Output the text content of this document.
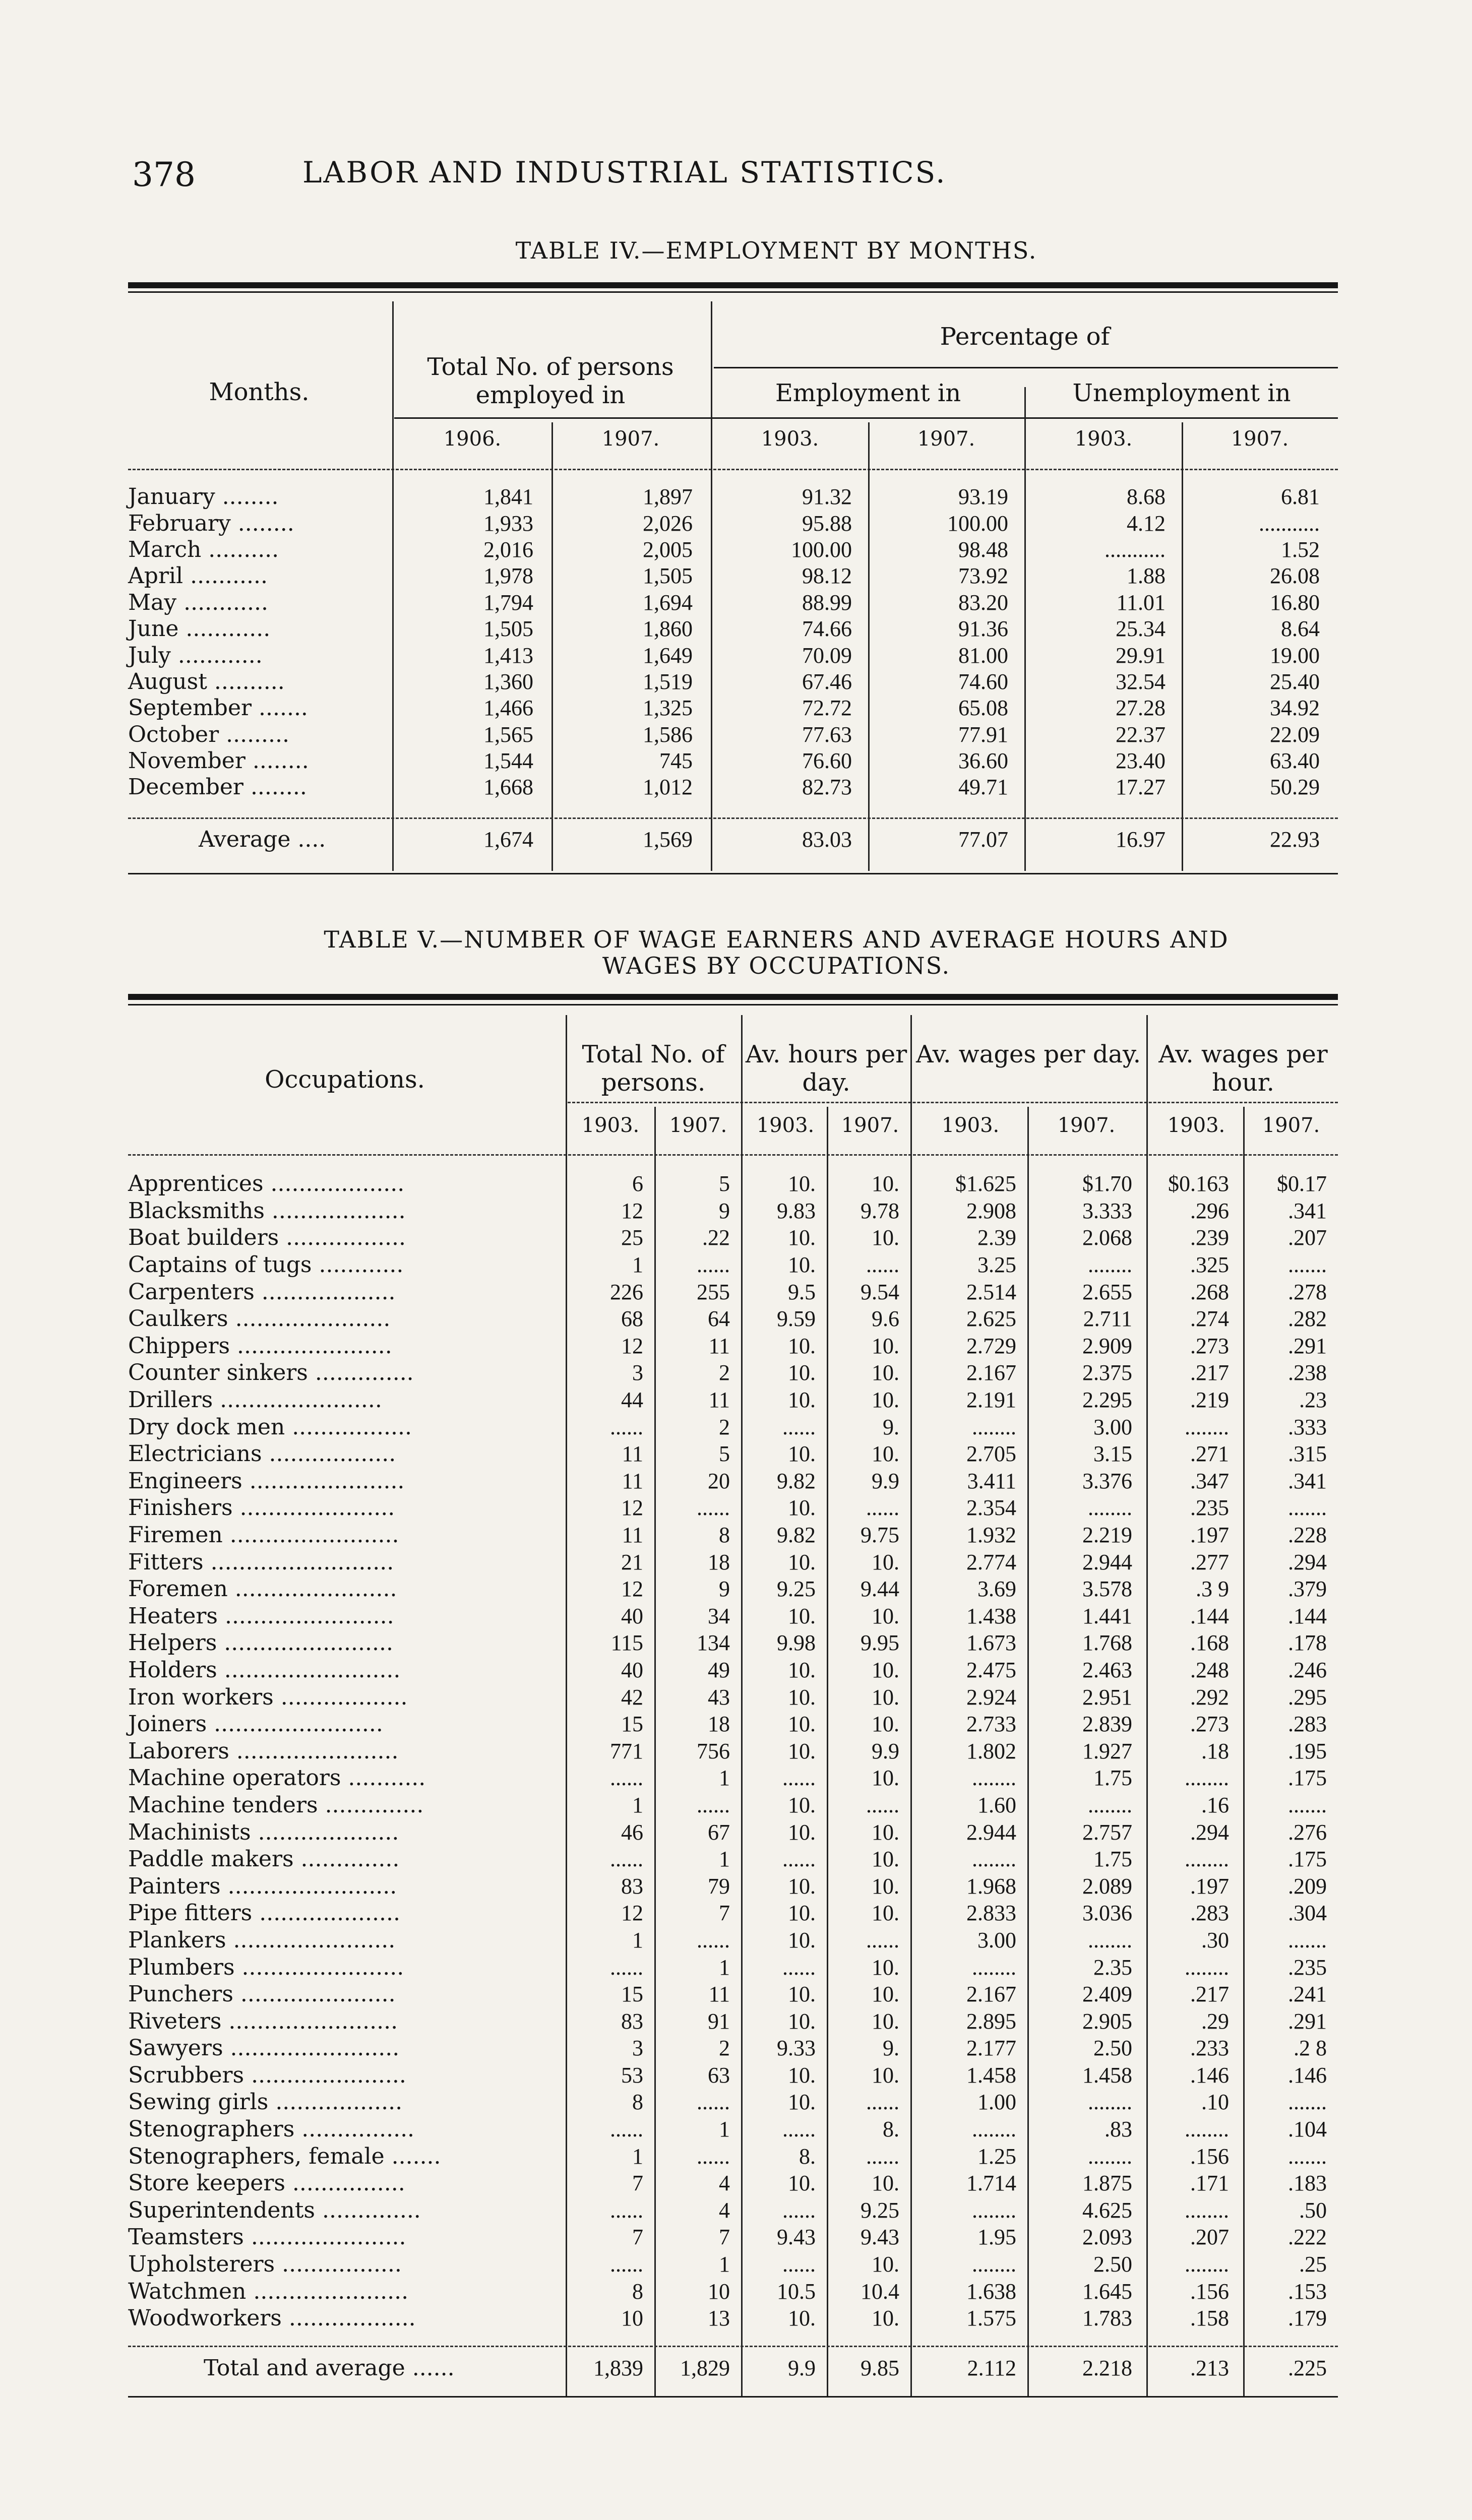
378	LABOR AND INDUSTRIAL STATISTICS.
TABLE IV.—EMPLOYMENT BY MONTHS.
Months.
Total No. of persons employed in
Percentage of
Employment in	Unemployment in
1906.	1907.	1903.	1907.	1903.	1907.
January ........	1,841	1,897	91.32	93.19	8.68	6.81
February ........	1,933	2,026	95.88	100.00	4.12	...........
March ..........	2,016	2,005	100.00	98.48	...........	1.52
April ...........	1,978	1,505	98.12	73.92	1.88	26.08
May ............	1,794	1,694	88.99	83.20	11.01	16.80
June ............	1,505	1,860	74.66	91.36	25.34	8.64
July ............	1,413	1,649	70.09	81.00	29.91	19.00
August ..........	1,360	1,519	67.46	74.60	32.54	25.40
September .......	1,466	1,325	72.72	65.08	27.28	34.92
October .........	1,565	1,586	77.63	77.91	22.37	22.09
November ........	1,544	745	76.60	36.60	23.40	63.40
December ........	1,668	1,012	82.73	49.71	17.27	50.29
Average ....	1,674	1,569	83.03	77.07	16.97	22.93
TABLE V.—NUMBER OF WAGE EARNERS AND AVERAGE HOURS AND
WAGES BY OCCUPATIONS.
Occupations.
Total No. of persons.
Av. hours per day.
Av. wages per day. Av. wages per hour.
1903.	1907.	1903.	1907.	1903.	1907.	1903.	1907.
Apprentices ...................	6	5	10.	10.	$1.625	$1.70	$0.163	$0.17
Blacksmiths ...................	12	9	9.83	9.78	2.908	3.333	.296	.341
Boat builders .................	25	.22	10.	10.	2.39	2.068	.239	.207
Captains of tugs ............	1	......	10.	......	3.25	........	.325	.......
Carpenters ...................	226	255	9.5	9.54	2.514	2.655	.268	.278
Caulkers ......................	68	64	9.59	9.6	2.625	2.711	.274	.282
Chippers ......................	12	11	10.	10.	2.729	2.909	.273	.291
Counter sinkers ..............	3	2	10.	10.	2.167	2.375	.217	.238
Drillers .......................	44	11	10.	10.	2.191	2.295	.219	.23
Dry dock men .................	......	2	......	9.	........	3.00	........	.333
Electricians ..................	11	5	10.	10.	2.705	3.15	.271	.315
Engineers ......................	11	20	9.82	9.9	3.411	3.376	.347	.341
Finishers ......................	12	......	10.	......	2.354	........	.235	.......
Firemen ........................	11	8	9.82	9.75	1.932	2.219	.197	.228
Fitters ..........................	21	18	10.	10.	2.774	2.944	.277	.294
Foremen .......................	12	9	9.25	9.44	3.69	3.578	.3 9	.379
Heaters ........................	40	34	10.	10.	1.438	1.441	.144	.144
Helpers ........................	115	134	9.98	9.95	1.673	1.768	.168	.178
Holders .........................	40	49	10.	10.	2.475	2.463	.248	.246
Iron workers ..................	42	43	10.	10.	2.924	2.951	.292	.295
Joiners ........................	15	18	10.	10.	2.733	2.839	.273	.283
Laborers .......................	771	756	10.	9.9	1.802	1.927	.18	.195
Machine operators ...........	......	1	......	10.	........	1.75	........	.175
Machine tenders ..............	1	......	10.	......	1.60	........	.16	.......
Machinists ....................	46	67	10.	10.	2.944	2.757	.294	.276
Paddle makers ..............	......	1	......	10.	........	1.75	........	.175
Painters ........................	83	79	10.	10.	1.968	2.089	.197	.209
Pipe fitters ....................	12	7	10.	10.	2.833	3.036	.283	.304
Plankers .......................	1	......	10.	......	3.00	........	.30	.......
Plumbers .......................	......	1	......	10.	........	2.35	........	.235
Punchers ......................	15	11	10.	10.	2.167	2.409	.217	.241
Riveters ........................	83	91	10.	10.	2.895	2.905	.29	.291
Sawyers ........................	3	2	9.33	9.	2.177	2.50	.233	.2 8
Scrubbers ......................	53	63	10.	10.	1.458	1.458	.146	.146
Sewing girls ..................	8	......	10.	......	1.00	........	.10	.......
Stenographers ................	......	1	......	8.	........	.83	........	.104
Stenographers, female .......	1	......	8.	......	1.25	........	.156	.......
Store keepers ................	7	4	10.	10.	1.714	1.875	.171	.183
Superintendents ..............	......	4	......	9.25	........	4.625	........	.50
Teamsters ......................	7	7	9.43	9.43	1.95	2.093	.207	.222
Upholsterers .................	......	1	......	10.	........	2.50	........	.25
Watchmen ......................	8	10	10.5	10.4	1.638	1.645	.156	.153
Woodworkers ..................	10	13	10.	10.	1.575	1.783	.158	.179
Total and average ......	1,839	1,829	9.9	9.85	2.112	2.218	.213	.225
